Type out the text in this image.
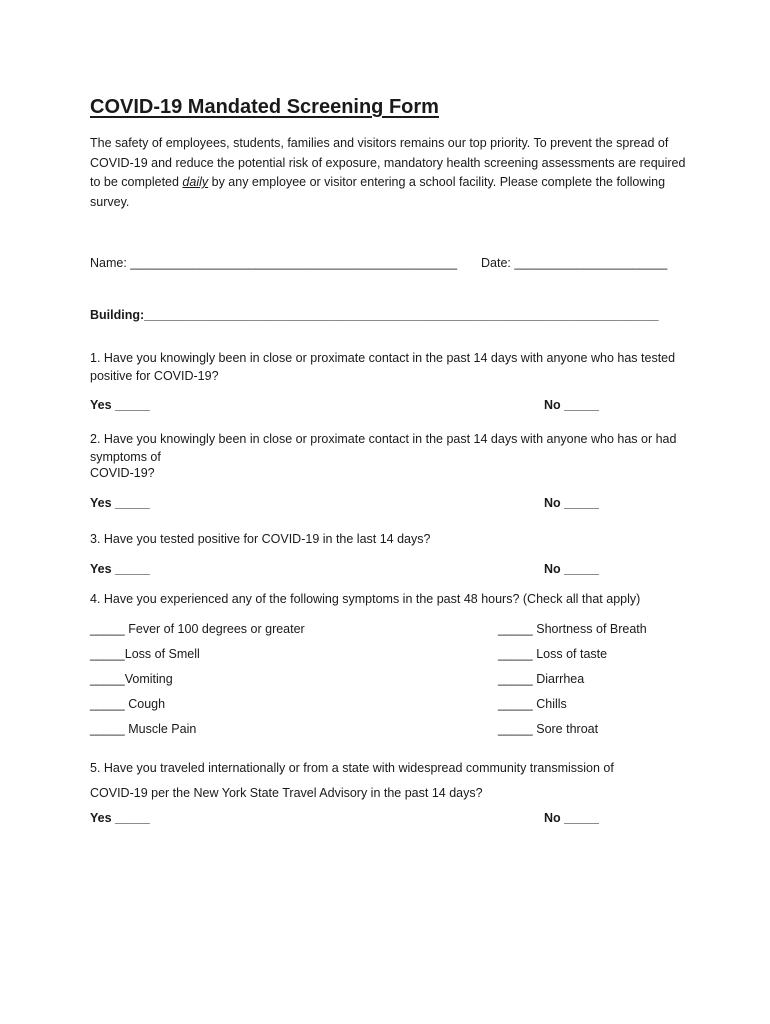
COVID-19 Mandated Screening Form
The safety of employees, students, families and visitors remains our top priority. To prevent the spread of COVID-19 and reduce the potential risk of exposure, mandatory health screening assessments are required to be completed daily by any employee or visitor entering a school facility. Please complete the following survey.
Name: _______________________________________________ Date: ______________________
Building:__________________________________________________________________________
1. Have you knowingly been in close or proximate contact in the past 14 days with anyone who has tested positive for COVID-19?
Yes _____	No _____
2. Have you knowingly been in close or proximate contact in the past 14 days with anyone who has or had symptoms of
COVID-19?
Yes _____	No _____
3. Have you tested positive for COVID-19 in the last 14 days?
Yes _____	No _____
4. Have you experienced any of the following symptoms in the past 48 hours? (Check all that apply)
_____ Fever of 100 degrees or greater
_____Loss of Smell
_____Vomiting
_____ Cough
_____ Muscle Pain
_____ Shortness of Breath
_____ Loss of taste
_____ Diarrhea
_____ Chills
_____ Sore throat
5. Have you traveled internationally or from a state with widespread community transmission of
COVID-19 per the New York State Travel Advisory in the past 14 days?
Yes _____	No _____
